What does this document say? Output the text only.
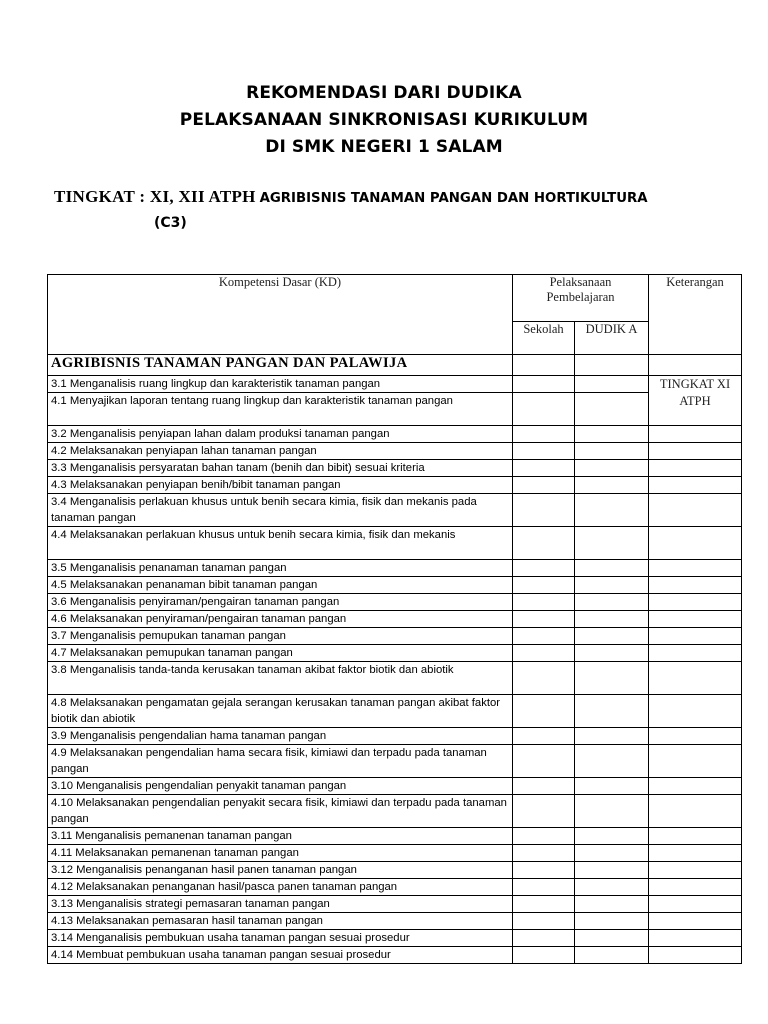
REKOMENDASI DARI DUDIKA
PELAKSANAAN SINKRONISASI KURIKULUM
DI SMK NEGERI 1 SALAM
TINGKAT : XI, XII ATPH AGRIBISNIS TANAMAN PANGAN DAN HORTIKULTURA
(C3)
Kompetensi Dasar (KD)	Pelaksanaan Pembelajaran		Keterangan
	Sekolah	DUDIK A	
AGRIBISNIS TANAMAN PANGAN DAN PALAWIJA			
3.1 Menganalisis ruang lingkup dan karakteristik tanaman pangan			TINGKAT XI ATPH
4.1 Menyajikan laporan tentang ruang lingkup dan karakteristik tanaman pangan			
3.2 Menganalisis penyiapan lahan dalam produksi tanaman pangan			
4.2 Melaksanakan penyiapan lahan tanaman pangan			
3.3 Menganalisis persyaratan bahan tanam (benih dan bibit) sesuai kriteria			
4.3 Melaksanakan penyiapan benih/bibit tanaman pangan			
3.4 Menganalisis perlakuan khusus untuk benih secara kimia, fisik dan mekanis pada tanaman pangan			
4.4 Melaksanakan perlakuan khusus untuk benih secara kimia, fisik dan mekanis			
3.5 Menganalisis penanaman tanaman pangan			
4.5 Melaksanakan penanaman bibit tanaman pangan			
3.6 Menganalisis penyiraman/pengairan tanaman pangan			
4.6 Melaksanakan penyiraman/pengairan tanaman pangan			
3.7 Menganalisis pemupukan tanaman pangan			
4.7 Melaksanakan pemupukan tanaman pangan			
3.8 Menganalisis tanda-tanda kerusakan tanaman akibat faktor biotik dan abiotik			
4.8 Melaksanakan pengamatan gejala serangan kerusakan tanaman pangan akibat faktor biotik dan abiotik			
3.9 Menganalisis pengendalian hama tanaman pangan			
4.9 Melaksanakan pengendalian hama secara fisik, kimiawi dan terpadu pada tanaman pangan			
3.10 Menganalisis pengendalian penyakit tanaman pangan			
4.10 Melaksanakan pengendalian penyakit secara fisik, kimiawi dan terpadu pada tanaman pangan			
3.11 Menganalisis pemanenan tanaman pangan			
4.11 Melaksanakan pemanenan tanaman pangan			
3.12 Menganalisis penanganan hasil panen tanaman pangan			
4.12 Melaksanakan penanganan hasil/pasca panen tanaman pangan			
3.13 Menganalisis strategi pemasaran tanaman pangan			
4.13 Melaksanakan pemasaran hasil tanaman pangan			
3.14 Menganalisis pembukuan usaha tanaman pangan sesuai prosedur			
4.14 Membuat pembukuan usaha tanaman pangan sesuai prosedur			
